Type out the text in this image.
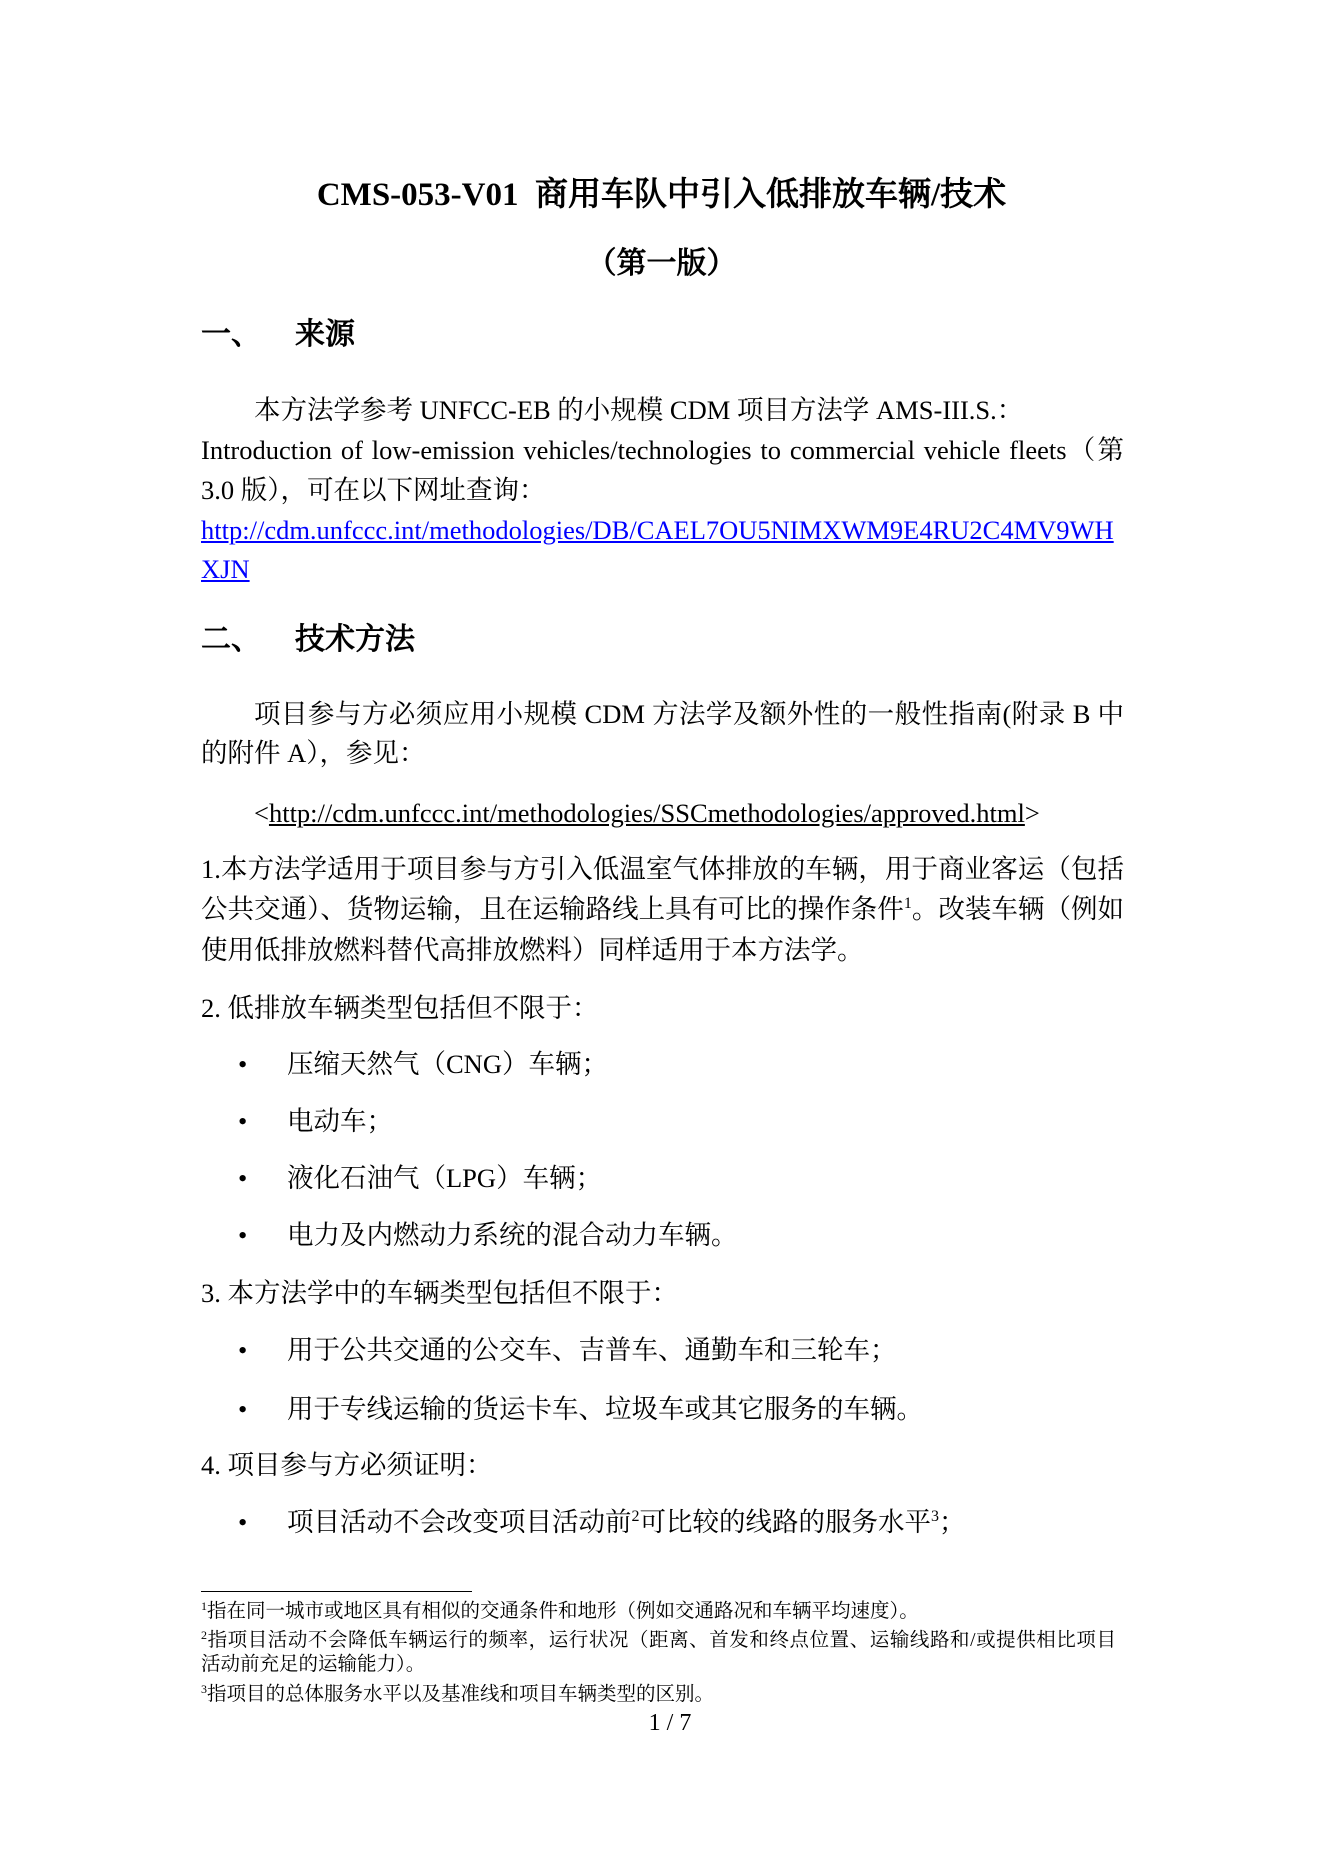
CMS-053-V01  商用车队中引入低排放车辆/技术
（第一版）
一、 来源
本方法学参考 UNFCC-EB 的小规模 CDM 项目方法学 AMS-III.S.：
Introduction of low-emission vehicles/technologies to commercial vehicle fleets（第
3.0 版），可在以下网址查询：
http://cdm.unfccc.int/methodologies/DB/CAEL7OU5NIMXWM9E4RU2C4MV9WH
XJN
二、 技术方法
项目参与方必须应用小规模 CDM 方法学及额外性的一般性指南(附录 B 中
的附件 A），参见：
<http://cdm.unfccc.int/methodologies/SSCmethodologies/approved.html>
1.本方法学适用于项目参与方引入低温室气体排放的车辆，用于商业客运（包括
公共交通）、货物运输，且在运输路线上具有可比的操作条件$^1$。改装车辆（例如
使用低排放燃料替代高排放燃料）同样适用于本方法学。
2. 低排放车辆类型包括但不限于：
•	压缩天然气（CNG）车辆；
•	电动车；
•	液化石油气（LPG）车辆；
•	电力及内燃动力系统的混合动力车辆。
3. 本方法学中的车辆类型包括但不限于：
•	用于公共交通的公交车、吉普车、通勤车和三轮车；
•	用于专线运输的货运卡车、垃圾车或其它服务的车辆。
4. 项目参与方必须证明：
•	项目活动不会改变项目活动前$^2$可比较的线路的服务水平$^3$；
$^1$指在同一城市或地区具有相似的交通条件和地形（例如交通路况和车辆平均速度）。
$^2$指项目活动不会降低车辆运行的频率，运行状况（距离、首发和终点位置、运输线路和/或提供相比项目
活动前充足的运输能力）。
$^3$指项目的总体服务水平以及基准线和项目车辆类型的区别。
1 / 7
